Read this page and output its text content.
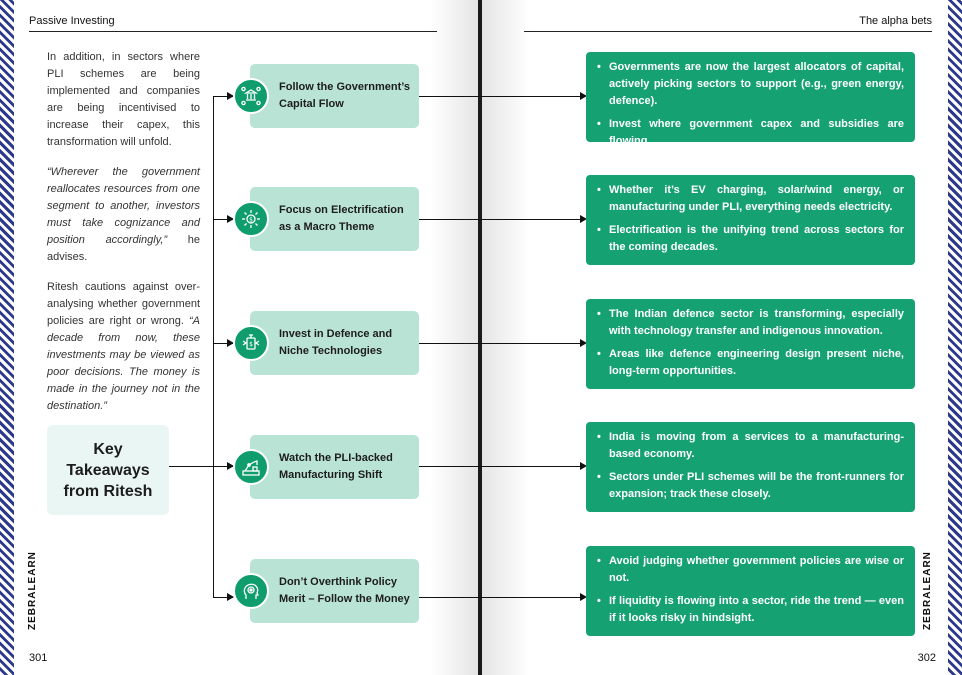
Passive Investing	The alpha bets

In addition, in sectors where PLI schemes are being implemented and companies are being incentivised to increase their capex, this transformation will unfold.

“Wherever the government reallocates resources from one segment to another, investors must take cognizance and position accordingly,” he advises.

Ritesh cautions against over-analysing whether government policies are right or wrong. “A decade from now, these investments may be viewed as poor decisions. The money is made in the journey not in the destination.”

Key
Takeaways
from Ritesh
Follow the Government’s Capital Flow
Focus on Electrification as a Macro Theme
Invest in Defence and Niche Technologies
Watch the PLI-backed Manufacturing Shift
Don’t Overthink Policy Merit – Follow the Money
$
$
• Governments are now the largest allocators of capital, actively picking sectors to support (e.g., green energy, defence).
• Invest where government capex and subsidies are flowing.
• Whether it’s EV charging, solar/wind energy, or manufacturing under PLI, everything needs electricity.
• Electrification is the unifying trend across sectors for the coming decades.
• The Indian defence sector is transforming, especially with technology transfer and indigenous innovation.
• Areas like defence engineering design present niche, long-term opportunities.
• India is moving from a services to a manufacturing-based economy.
• Sectors under PLI schemes will be the front-runners for expansion; track these closely.
• Avoid judging whether government policies are wise or not.
• If liquidity is flowing into a sector, ride the trend — even if it looks risky in hindsight.
ZEBRALEARN	ZEBRALEARN
301	302
